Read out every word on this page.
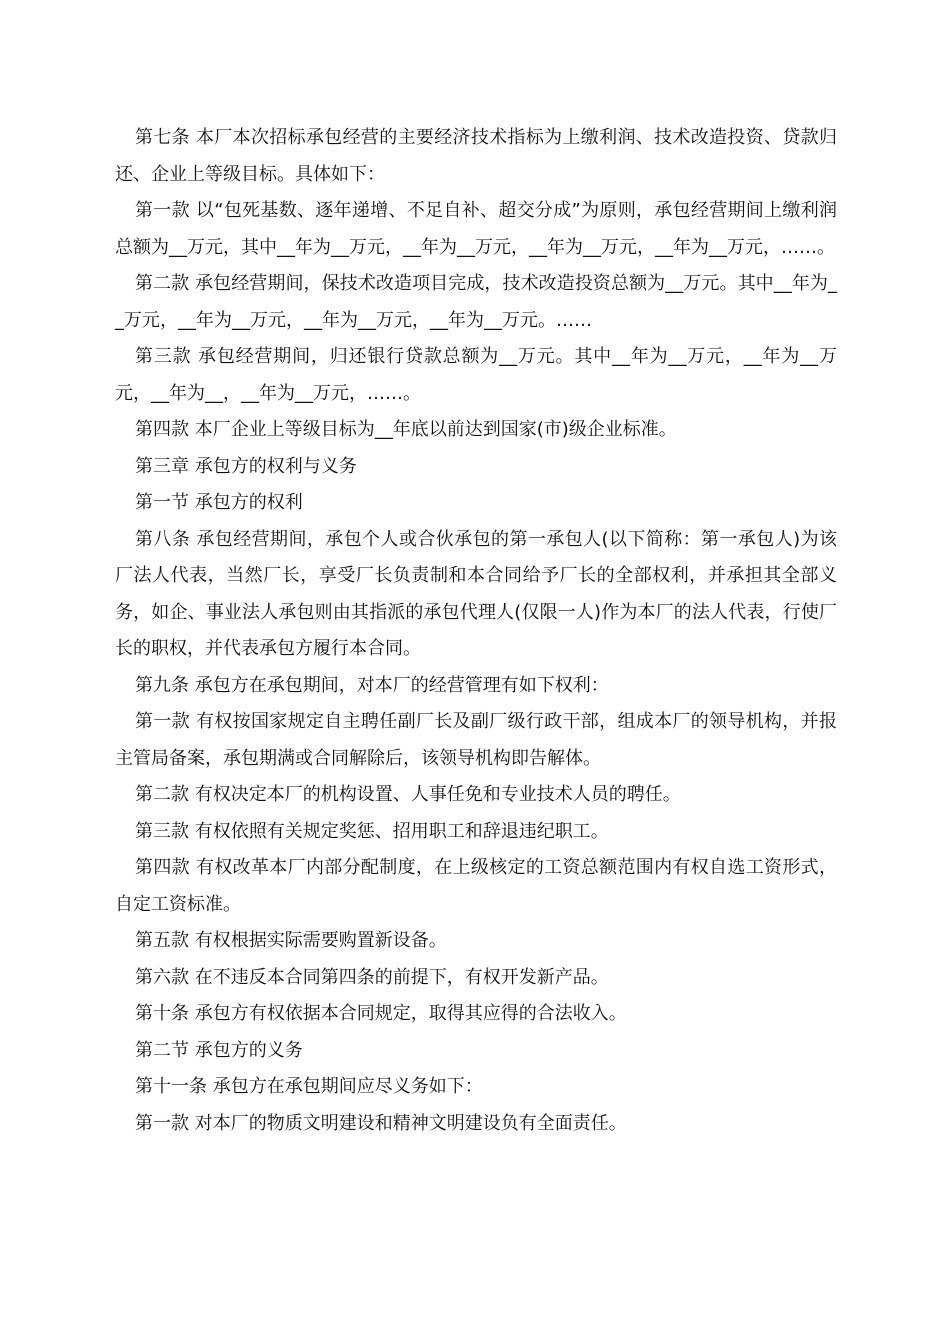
第七条 本厂本次招标承包经营的主要经济技术指标为上缴利润、技术改造投资、贷款归还、企业上等级目标。具体如下：

第一款 以“包死基数、逐年递增、不足自补、超交分成”为原则，承包经营期间上缴利润总额为__万元，其中__年为__万元，__年为__万元，__年为__万元，__年为__万元，……。

第二款 承包经营期间，保技术改造项目完成，技术改造投资总额为__万元。其中__年为__万元，__年为__万元，__年为__万元，__年为__万元。……

第三款 承包经营期间，归还银行贷款总额为__万元。其中__年为__万元，__年为__万元，__年为__，__年为__万元，……。

第四款 本厂企业上等级目标为__年底以前达到国家(市)级企业标准。

第三章 承包方的权利与义务

第一节 承包方的权利

第八条 承包经营期间，承包个人或合伙承包的第一承包人(以下简称：第一承包人)为该厂法人代表，当然厂长，享受厂长负责制和本合同给予厂长的全部权利，并承担其全部义务，如企、事业法人承包则由其指派的承包代理人(仅限一人)作为本厂的法人代表，行使厂长的职权，并代表承包方履行本合同。

第九条 承包方在承包期间，对本厂的经营管理有如下权利：

第一款 有权按国家规定自主聘任副厂长及副厂级行政干部，组成本厂的领导机构，并报主管局备案，承包期满或合同解除后，该领导机构即告解体。

第二款 有权决定本厂的机构设置、人事任免和专业技术人员的聘任。

第三款 有权依照有关规定奖惩、招用职工和辞退违纪职工。

第四款 有权改革本厂内部分配制度，在上级核定的工资总额范围内有权自选工资形式，自定工资标准。

第五款 有权根据实际需要购置新设备。

第六款 在不违反本合同第四条的前提下，有权开发新产品。

第十条 承包方有权依据本合同规定，取得其应得的合法收入。

第二节 承包方的义务

第十一条 承包方在承包期间应尽义务如下：

第一款 对本厂的物质文明建设和精神文明建设负有全面责任。
